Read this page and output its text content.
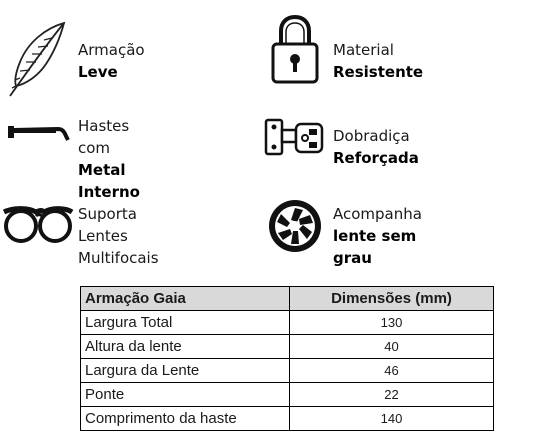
Armação Leve
Material Resistente
Hastes com Metal
Interno
Dobradiça Reforçada
Suporta Lentes
Multifocais
Acompanha lente sem
grau
Armação Gaia	Dimensões (mm)
Largura Total	130
Altura da lente	40
Largura da Lente	46
Ponte	22
Comprimento da haste	140
